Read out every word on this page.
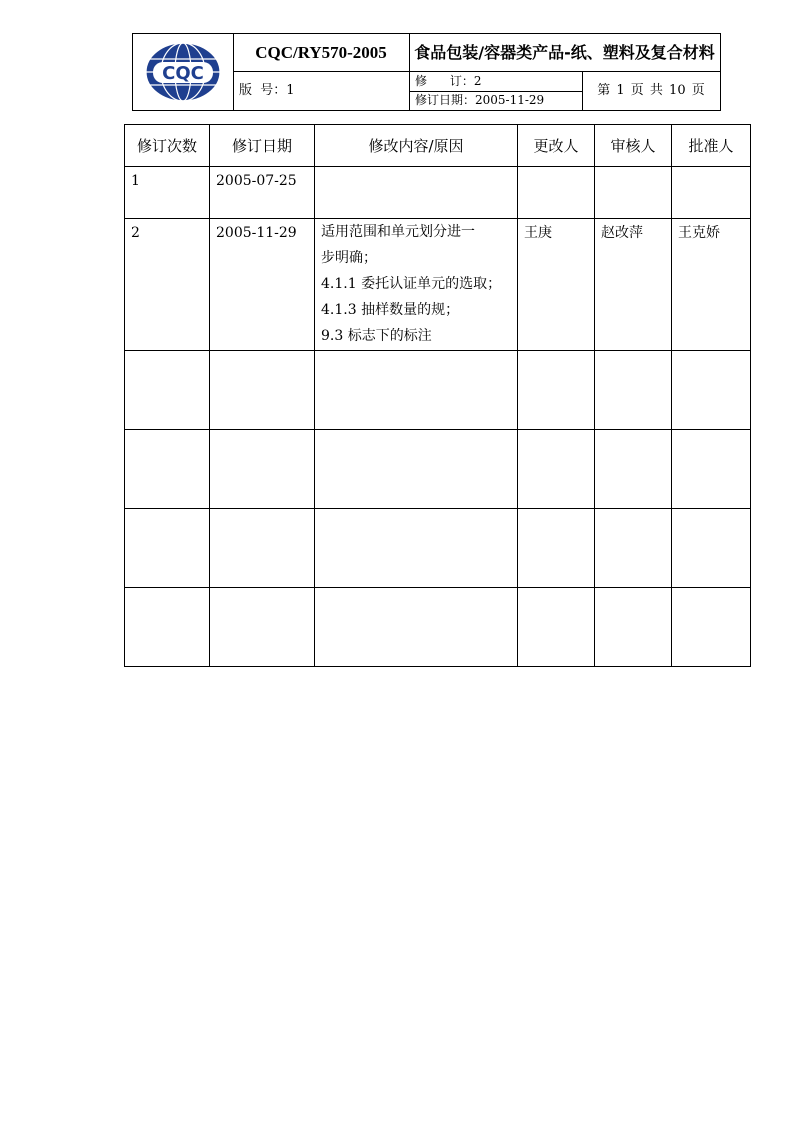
CQC
CQC/RY570-2005	食品包装/容器类产品-纸、塑料及复合材料
版  号：1
修      订：2
修订日期：2005-11-29
第 1 页 共 10 页
修订次数	修订日期	修改内容/原因	更改人	审核人	批准人
1	2005-07-25				
2	2005-11-29	适用范围和单元划分进一
步明确；
4.1.1 委托认证单元的选取；
4.1.3 抽样数量的规；
9.3 标志下的标注	王庚	赵改萍	王克娇
